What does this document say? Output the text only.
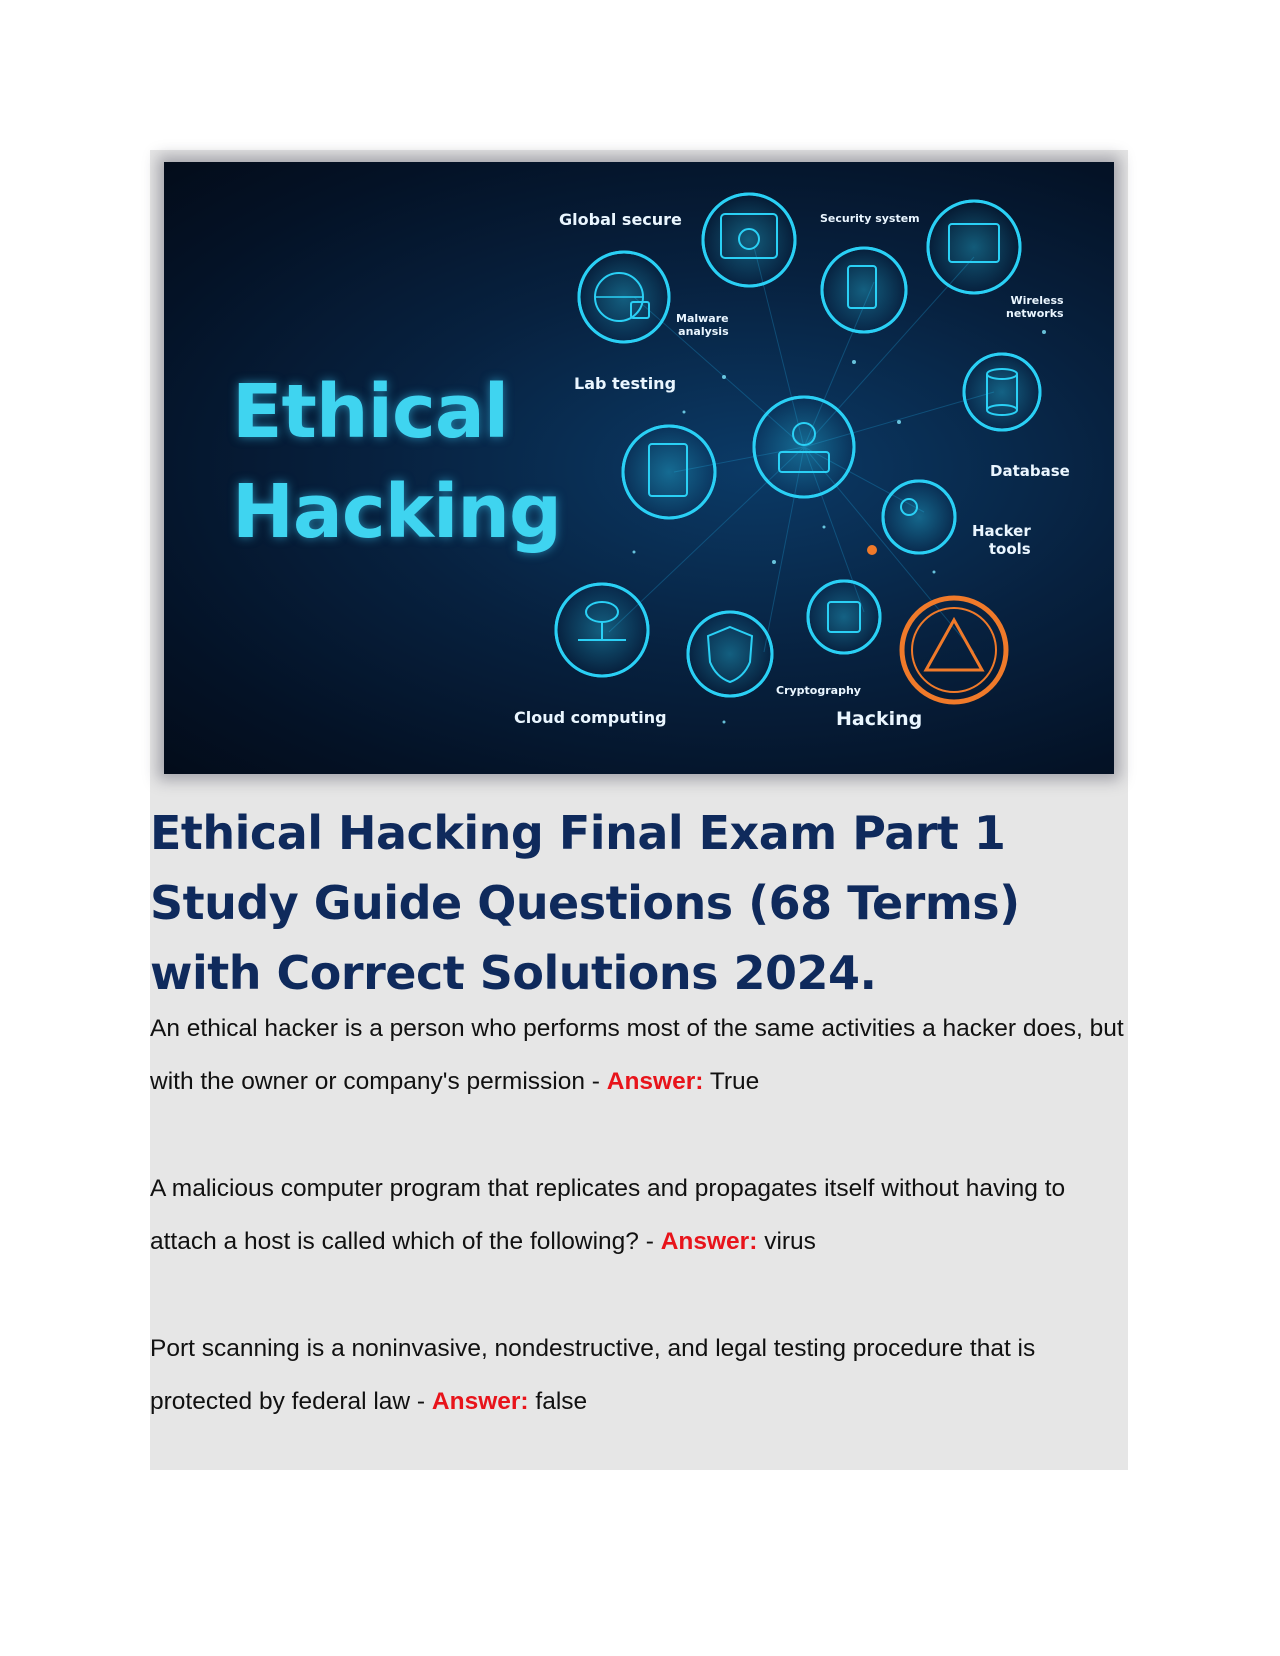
Ethical
Hacking
Global secure
Malware
analysis
Security system
Wireless
networks
Lab testing
Database
Hacker
tools
Cloud computing
Cryptography
Hacking
Ethical Hacking Final Exam Part 1 Study Guide Questions (68 Terms) with Correct Solutions 2024.

An ethical hacker is a person who performs most of the same activities a hacker does, but with the owner or company's permission - Answer: True

A malicious computer program that replicates and propagates itself without having to attach a host is called which of the following? - Answer: virus

Port scanning is a noninvasive, nondestructive, and legal testing procedure that is protected by federal law - Answer: false
